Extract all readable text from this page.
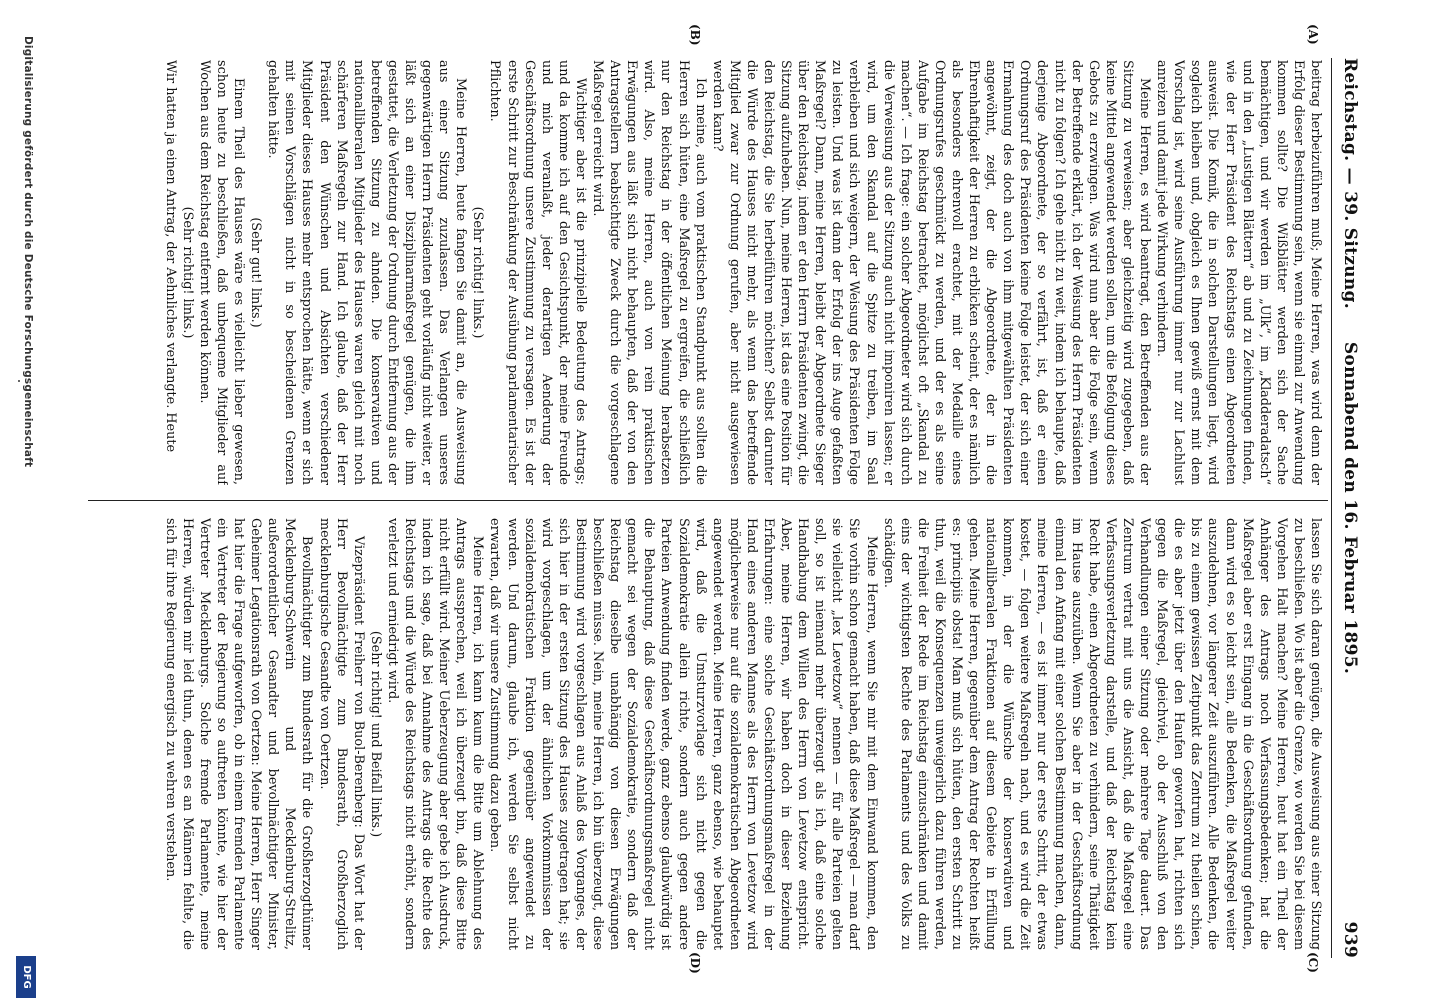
Reichstag. — 39. Sitzung.
Sonnabend den 16. Februar 1895.
939
(A)
(B)
(C)
(D)

beitrag herbeizuführen muß; Meine Herren, was wird denn der Erfolg dieser Bestimmung sein, wenn sie einmal zur Anwendung kommen sollte? Die Wißblätter werden sich der Sache bemächtigen, und wir werden im „Ulk“, im „Kladderadatsch“ und in den „Lustigen Blättern“ ab und zu Zeichnungen finden, wie der Herr Präsident des Reichstags einen Abgeordneten ausweist. Die Komik, die in solchen Darstellungen liegt, wird sogleich bleiben und, obgleich es Ihnen gewiß ernst mit dem Vorschlag ist, wird seine Ausführung immer nur zur Lachlust anreizen und damit jede Wirkung verhindern.

Meine Herren, es wird beantragt, den Betreffenden aus der Sitzung zu verweisen; aber gleichzeitig wird zugegeben, daß keine Mittel angewendet werden sollen, um die Befolgung dieses Gebots zu erzwingen. Was wird nun aber die Folge sein, wenn der Betreffende erklärt, ich der Weisung des Herrn Präsidenten nicht zu folgen? Ich gehe nicht zu weit, indem ich behaupte, daß derjenige Abgeordnete, der so verfährt, ist, daß er einen Ordnungsruf des Präsidenten keine Folge leistet, der sich einer Ermahnung des doch auch von ihm mitgewählten Präsidenten angewöhnt, zeigt, der die Abgeordnete, der in die Ehrenhaftigkeit der Herren zu erblicken scheint, der es nämlich als besonders ehrenvoll erachtet, mit der Medaille eines Ordnungsrufes geschmückt zu werden, und der es als seine Aufgabe im Reichstag betrachtet, möglichst oft „Skandal zu machen“. — Ich frage: ein solcher Abgeordneter wird sich durch die Verweisung aus der Sitzung auch nicht imponiren lassen; er wird, um den Skandal auf die Spitze zu treiben, im Saal verbleiben und sich weigern, der Weisung des Präsidenten Folge zu leisten. Und was ist dann der Erfolg der ins Auge gefaßten Maßregel? Dann, meine Herren, bleibt der Abgeordnete Sieger über den Reichstag, indem er den Herrn Präsidenten zwingt, die Sitzung aufzuheben. Nun, meine Herren, ist das eine Position für den Reichstag, die Sie herbeiführen möchten? Selbst darunter die Würde des Hauses nicht mehr, als wenn das betreffende Mitglied zwar zur Ordnung gerufen, aber nicht ausgewiesen werden kann?

Ich meine, auch vom praktischen Standpunkt aus sollten die Herren sich hüten, eine Maßregel zu ergreifen, die schließlich nur den Reichstag in der öffentlichen Meinung herabsetzen wird. Also, meine Herren, auch von rein praktischen Erwägungen aus läßt sich nicht behaupten, daß der von den Antragstellern beabsichtigte Zweck durch die vorgeschlagene Maßregel erreicht wird.

Wichtiger aber ist die prinzipielle Bedeutung des Antrags; und da komme ich auf den Gesichtspunkt, der meine Freunde und mich veranlaßt, jeder derartigen Aenderung der Geschäftsordnung unsere Zustimmung zu versagen. Es ist der erste Schritt zur Beschränkung der Ausübung parlamentarischer Pflichten.

(Sehr richtig! links.)

Meine Herren, heute fangen Sie damit an, die Ausweisung aus einer Sitzung zuzulassen. Das Verlangen unseres gegenwärtigen Herrn Präsidenten geht vorläufig nicht weiter, er läßt sich an einer Disziplinarmaßregel genügen, die ihm gestattet, die Verletzung der Ordnung durch Entfernung aus der betreffenden Sitzung zu ahnden. Die konservativen und nationalliberalen Mitglieder des Hauses waren gleich mit noch schärferen Maßregeln zur Hand. Ich glaube, daß der Herr Präsident den Wünschen und Absichten verschiedener Mitglieder dieses Hauses mehr entsprochen hätte, wenn er sich mit seinen Vorschlägen nicht in so bescheidenen Grenzen gehalten hätte.

(Sehr gut! links.)

Einem Theil des Hauses wäre es vielleicht lieber gewesen, schon heute zu beschließen, daß unbequeme Mitglieder auf Wochen aus dem Reichstag entfernt werden können.

(Sehr richtig! links.)

Wir hatten ja einen Antrag, der Aehnliches verlangte. Heute

lassen Sie sich daran genügen, die Ausweisung aus einer Sitzung zu beschließen. Wo ist aber die Grenze, wo werden Sie bei diesem Vorgehen Halt machen? Meine Herren, heut hat ein Theil der Anhänger des Antrags noch Verfassungsbedenken; hat die Maßregel aber erst Eingang in die Geschäftsordnung gefunden, dann wird es so leicht sein, alle Bedenken, die Maßregel weiter auszudehnen, vor längerer Zeit auszuführen. Alle Bedenken, die bis zu einem gewissen Zeitpunkt das Zentrum zu theilen schien, die es aber jetzt über den Haufen geworfen hat, richten sich gegen die Maßregel, gleichviel, ob der Ausschluß von den Verhandlungen einer Sitzung oder mehrere Tage dauert. Das Zentrum vertrat mit uns die Ansicht, daß die Maßregel eine Verfassungsverletzung darstelle, und daß der Reichstag kein Recht habe, einen Abgeordneten zu verhindern, seine Thätigkeit im Hause auszuüben. Wenn Sie aber in der Geschäftsordnung einmal den Anfang mit einer solchen Bestimmung machen, dann, meine Herren, — es ist immer nur der erste Schritt, der etwas kostet, — folgen weitere Maßregeln nach, und es wird die Zeit kommen, in der die Wünsche der konservativen und nationalliberalen Fraktionen auf diesem Gebiete in Erfüllung gehen. Meine Herren, gegenüber dem Antrag der Rechten heißt es: principiis obsta! Man muß sich hüten, den ersten Schritt zu thun, weil die Konsequenzen unweigerlich dazu führen werden, die Freiheit der Rede im Reichstag einzuschränken und damit eins der wichtigsten Rechte des Parlaments und des Volks zu schädigen.

Meine Herren, wenn Sie mir mit dem Einwand kommen, den Sie vorhin schon gemacht haben, daß diese Maßregel — man darf sie vielleicht „lex Levetzow“ nennen — für alle Parteien gelten soll, so ist niemand mehr überzeugt als ich, daß eine solche Handhabung dem Willen des Herrn von Levetzow entspricht. Aber, meine Herren, wir haben doch in dieser Beziehung Erfahrungen: eine solche Geschäftsordnungsmaßregel in der Hand eines anderen Mannes als des Herrn von Levetzow wird möglicherweise nur auf die sozialdemokratischen Abgeordneten angewendet werden. Meine Herren, ganz ebenso, wie behauptet wird, daß die Umsturzvorlage sich nicht gegen die Sozialdemokratie allein richte, sondern auch gegen andere Parteien Anwendung finden werde, ganz ebenso glaubwürdig ist die Behauptung, daß diese Geschäftsordnungsmaßregel nicht gemacht sei wegen der Sozialdemokratie, sondern daß der Reichstag dieselbe unabhängig von diesen Erwägungen beschließen müsse. Nein, meine Herren, ich bin überzeugt, diese Bestimmung wird vorgeschlagen aus Anlaß des Vorganges, der sich hier in der ersten Sitzung des Hauses zugetragen hat; sie wird vorgeschlagen, um der ähnlichen Vorkommnissen der sozialdemokratischen Fraktion gegenüber angewendet zu werden. Und darum, glaube ich, werden Sie selbst nicht erwarten, daß wir unsere Zustimmung dazu geben.

Meine Herren, ich kann kaum die Bitte um Ablehnung des Antrags aussprechen, weil ich überzeugt bin, daß diese Bitte nicht erfüllt wird. Meiner Ueberzeugung aber gebe ich Ausdruck, indem ich sage, daß bei Annahme des Antrags die Rechte des Reichstags und die Würde des Reichstags nicht erhöht, sondern verletzt und erniedrigt wird.

(Sehr richtig! und Beifall links.)

Vizepräsident Freiherr von Buol-Berenberg: Das Wort hat der Herr Bevollmächtigte zum Bundesrath, Großherzoglich mecklenburgische Gesandte von Oertzen.

Bevollmächtigter zum Bundesrath für die Großherzogthümer Mecklenburg-Schwerin und Mecklenburg-Strelitz, außerordentlicher Gesandter und bevollmächtigter Minister, Geheimer Legationsrath von Oertzen: Meine Herren, Herr Singer hat hier die Frage aufgeworfen, ob in einem fremden Parlamente ein Vertreter der Regierung so auftreten könnte, wie hier der Vertreter Mecklenburgs. Solche fremde Parlamente, meine Herren, würden mir leid thun, denen es an Männern fehlte, die sich für ihre Regierung energisch zu wehren verstehen.

Digitalisierung gefördert durch die Deutsche Forschungsgemeinschaft
DFG
